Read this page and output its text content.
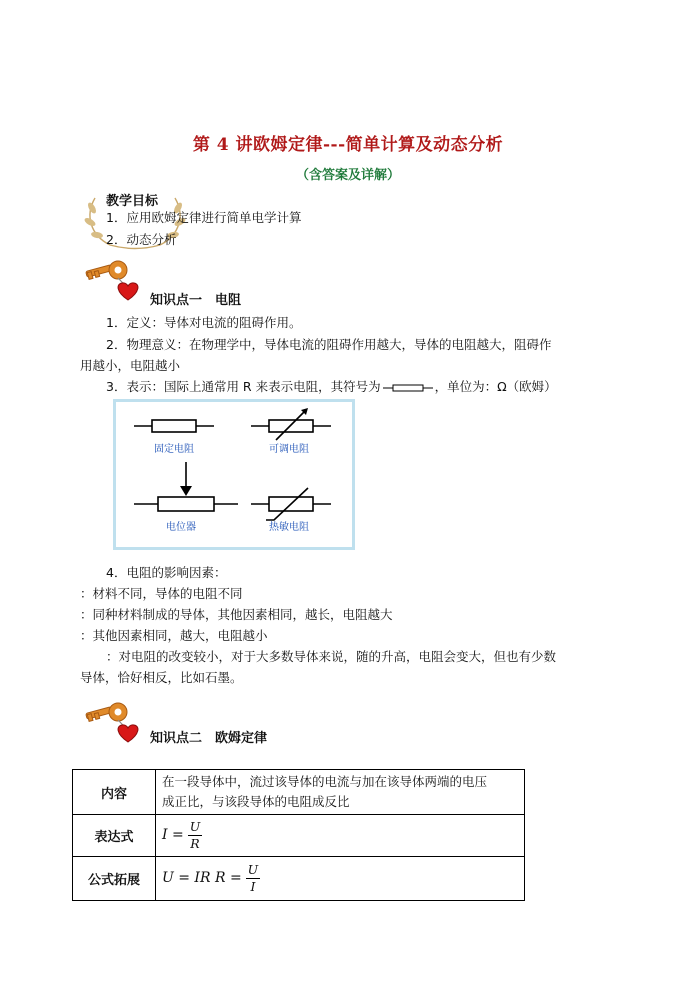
第 4 讲欧姆定律---简单计算及动态分析
（含答案及详解）
教学目标
1．应用欧姆定律进行简单电学计算
2．动态分析
知识点一　电阻
1．定义：导体对电流的阻碍作用。
2．物理意义：在物理学中，导体电流的阻碍作用越大，导体的电阻越大，阻碍作
用越小，电阻越小
3．表示：国际上通常用 R 来表示电阻，其符号为	，单位为：Ω（欧姆）
固定电阻	可调电阻
电位器	热敏电阻
4．电阻的影响因素：
：材料不同，导体的电阻不同
：同种材料制成的导体，其他因素相同，越长，电阻越大
：其他因素相同，越大，电阻越小
：对电阻的改变较小，对于大多数导体来说，随的升高，电阻会变大，但也有少数
导体，恰好相反，比如石墨。
知识点二　欧姆定律
内容	在一段导体中，流过该导体的电流与加在该导体两端的电压
成正比，与该段导体的电阻成反比
表达式	$I = \frac{U}{R}$

公式拓展	U = IR $R = \frac{U}{I}$
